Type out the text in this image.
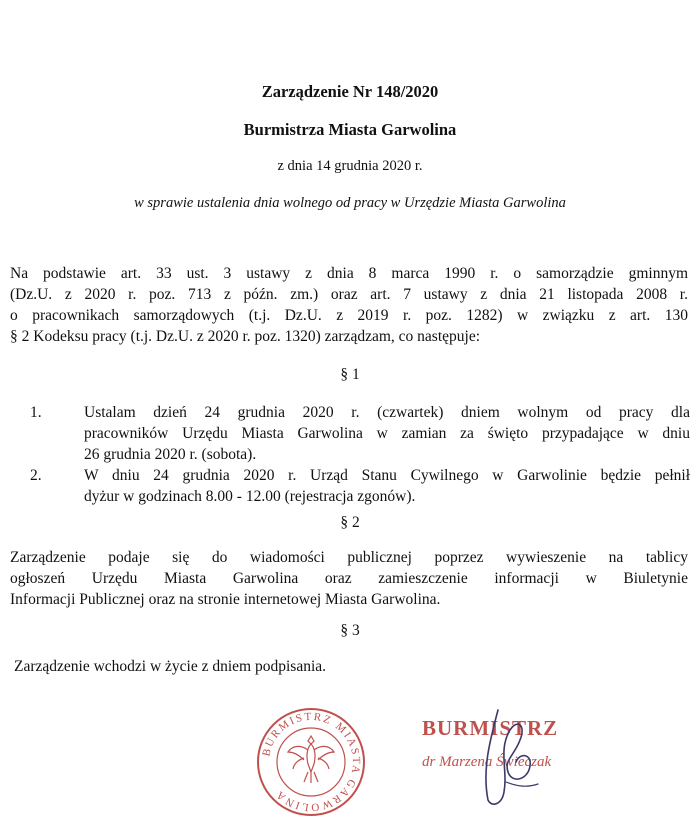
Zarządzenie Nr 148/2020
Burmistrza Miasta Garwolina
z dnia 14 grudnia 2020 r.
w sprawie ustalenia dnia wolnego od pracy w Urzędzie Miasta Garwolina
Na podstawie art. 33 ust. 3 ustawy z dnia 8 marca 1990 r. o samorządzie gminnym
(Dz.U. z 2020 r. poz. 713 z późn. zm.) oraz art. 7 ustawy z dnia 21 listopada 2008 r.
o pracownikach samorządowych (t.j. Dz.U. z 2019 r. poz. 1282) w związku z art. 130
§ 2 Kodeksu pracy (t.j. Dz.U. z 2020 r. poz. 1320) zarządzam, co następuje:
§ 1
1.	Ustalam dzień 24 grudnia 2020 r. (czwartek) dniem wolnym od pracy dla
pracowników Urzędu Miasta Garwolina w zamian za święto przypadające w dniu
26 grudnia 2020 r. (sobota).
2.	W dniu 24 grudnia 2020 r. Urząd Stanu Cywilnego w Garwolinie będzie pełnił
dyżur w godzinach 8.00 - 12.00 (rejestracja zgonów).
§ 2
Zarządzenie podaje się do wiadomości publicznej poprzez wywieszenie na tablicy
ogłoszeń Urzędu Miasta Garwolina oraz zamieszczenie informacji w Biuletynie
Informacji Publicznej oraz na stronie internetowej Miasta Garwolina.
§ 3
Zarządzenie wchodzi w życie z dniem podpisania.
BURMISTRZ MIASTA GARWOLINA
BURMISTRZ
dr Marzena Świeczak
